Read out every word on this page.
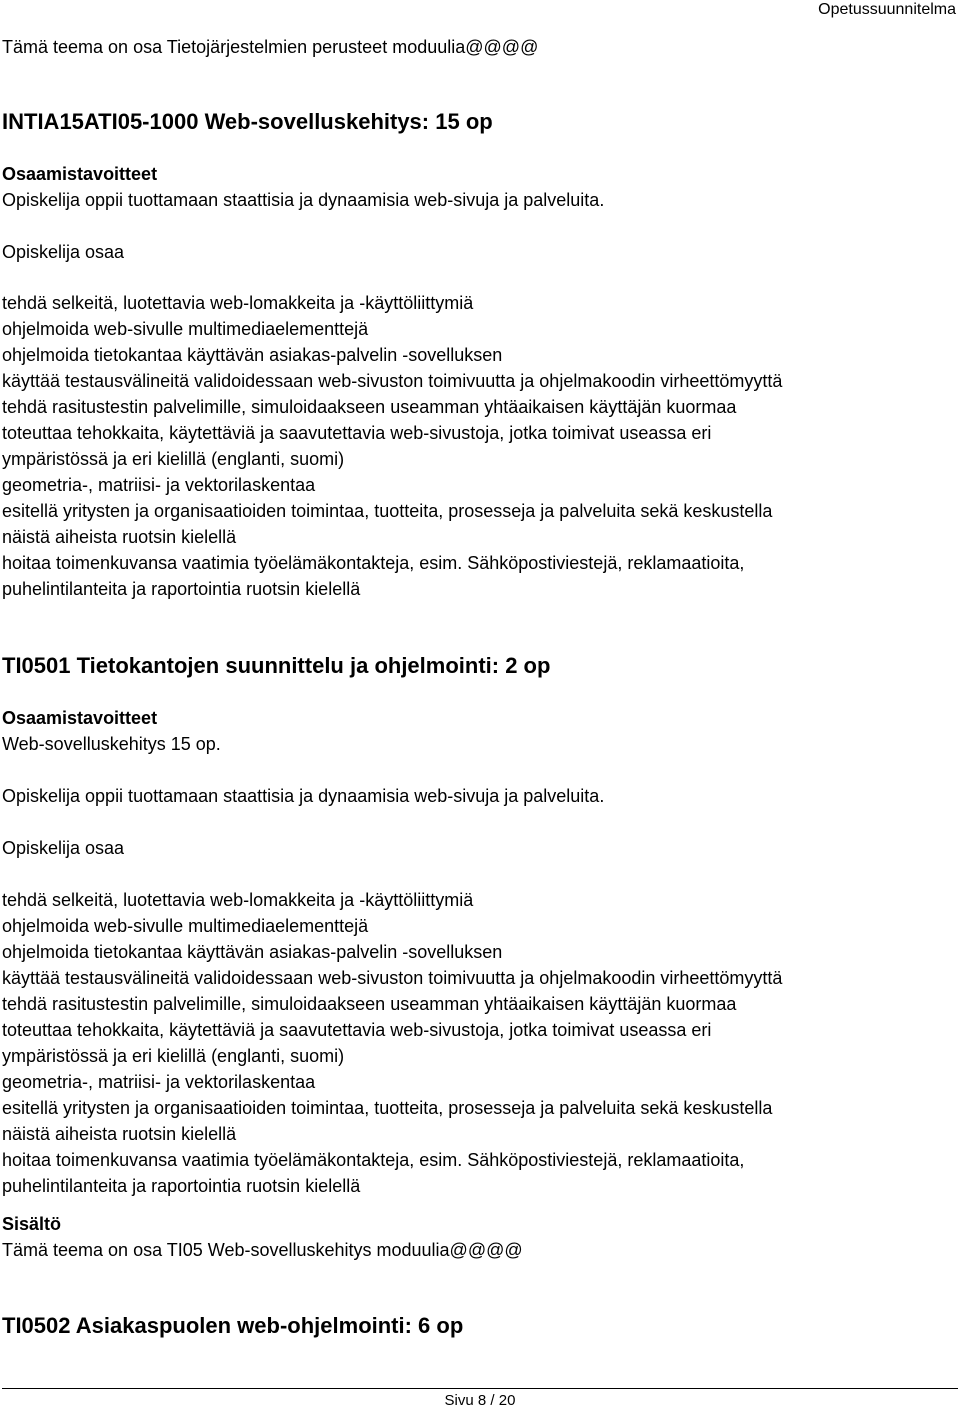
Opetussuunnitelma
Tämä teema on osa Tietojärjestelmien perusteet moduulia@@@@
INTIA15ATI05-1000 Web-sovelluskehitys: 15 op
Osaamistavoitteet
Opiskelija oppii tuottamaan staattisia ja dynaamisia web-sivuja ja palveluita.
Opiskelija osaa
tehdä selkeitä, luotettavia web-lomakkeita ja -käyttöliittymiä
ohjelmoida web-sivulle multimediaelementtejä
ohjelmoida tietokantaa käyttävän asiakas-palvelin -sovelluksen
käyttää testausvälineitä validoidessaan web-sivuston toimivuutta ja ohjelmakoodin virheettömyyttä
tehdä rasitustestin palvelimille, simuloidaakseen useamman yhtäaikaisen käyttäjän kuormaa
toteuttaa tehokkaita, käytettäviä ja saavutettavia web-sivustoja, jotka toimivat useassa eri
ympäristössä ja eri kielillä (englanti, suomi)
geometria-, matriisi- ja vektorilaskentaa
esitellä yritysten ja organisaatioiden toimintaa, tuotteita, prosesseja ja palveluita sekä keskustella
näistä aiheista ruotsin kielellä
hoitaa toimenkuvansa vaatimia työelämäkontakteja, esim. Sähköpostiviestejä, reklamaatioita,
puhelintilanteita ja raportointia ruotsin kielellä
TI0501 Tietokantojen suunnittelu ja ohjelmointi: 2 op
Osaamistavoitteet
Web-sovelluskehitys 15 op.
Opiskelija oppii tuottamaan staattisia ja dynaamisia web-sivuja ja palveluita.
Opiskelija osaa
tehdä selkeitä, luotettavia web-lomakkeita ja -käyttöliittymiä
ohjelmoida web-sivulle multimediaelementtejä
ohjelmoida tietokantaa käyttävän asiakas-palvelin -sovelluksen
käyttää testausvälineitä validoidessaan web-sivuston toimivuutta ja ohjelmakoodin virheettömyyttä
tehdä rasitustestin palvelimille, simuloidaakseen useamman yhtäaikaisen käyttäjän kuormaa
toteuttaa tehokkaita, käytettäviä ja saavutettavia web-sivustoja, jotka toimivat useassa eri
ympäristössä ja eri kielillä (englanti, suomi)
geometria-, matriisi- ja vektorilaskentaa
esitellä yritysten ja organisaatioiden toimintaa, tuotteita, prosesseja ja palveluita sekä keskustella
näistä aiheista ruotsin kielellä
hoitaa toimenkuvansa vaatimia työelämäkontakteja, esim. Sähköpostiviestejä, reklamaatioita,
puhelintilanteita ja raportointia ruotsin kielellä
Sisältö
Tämä teema on osa TI05 Web-sovelluskehitys moduulia@@@@
TI0502 Asiakaspuolen web-ohjelmointi: 6 op
Sivu 8 / 20
